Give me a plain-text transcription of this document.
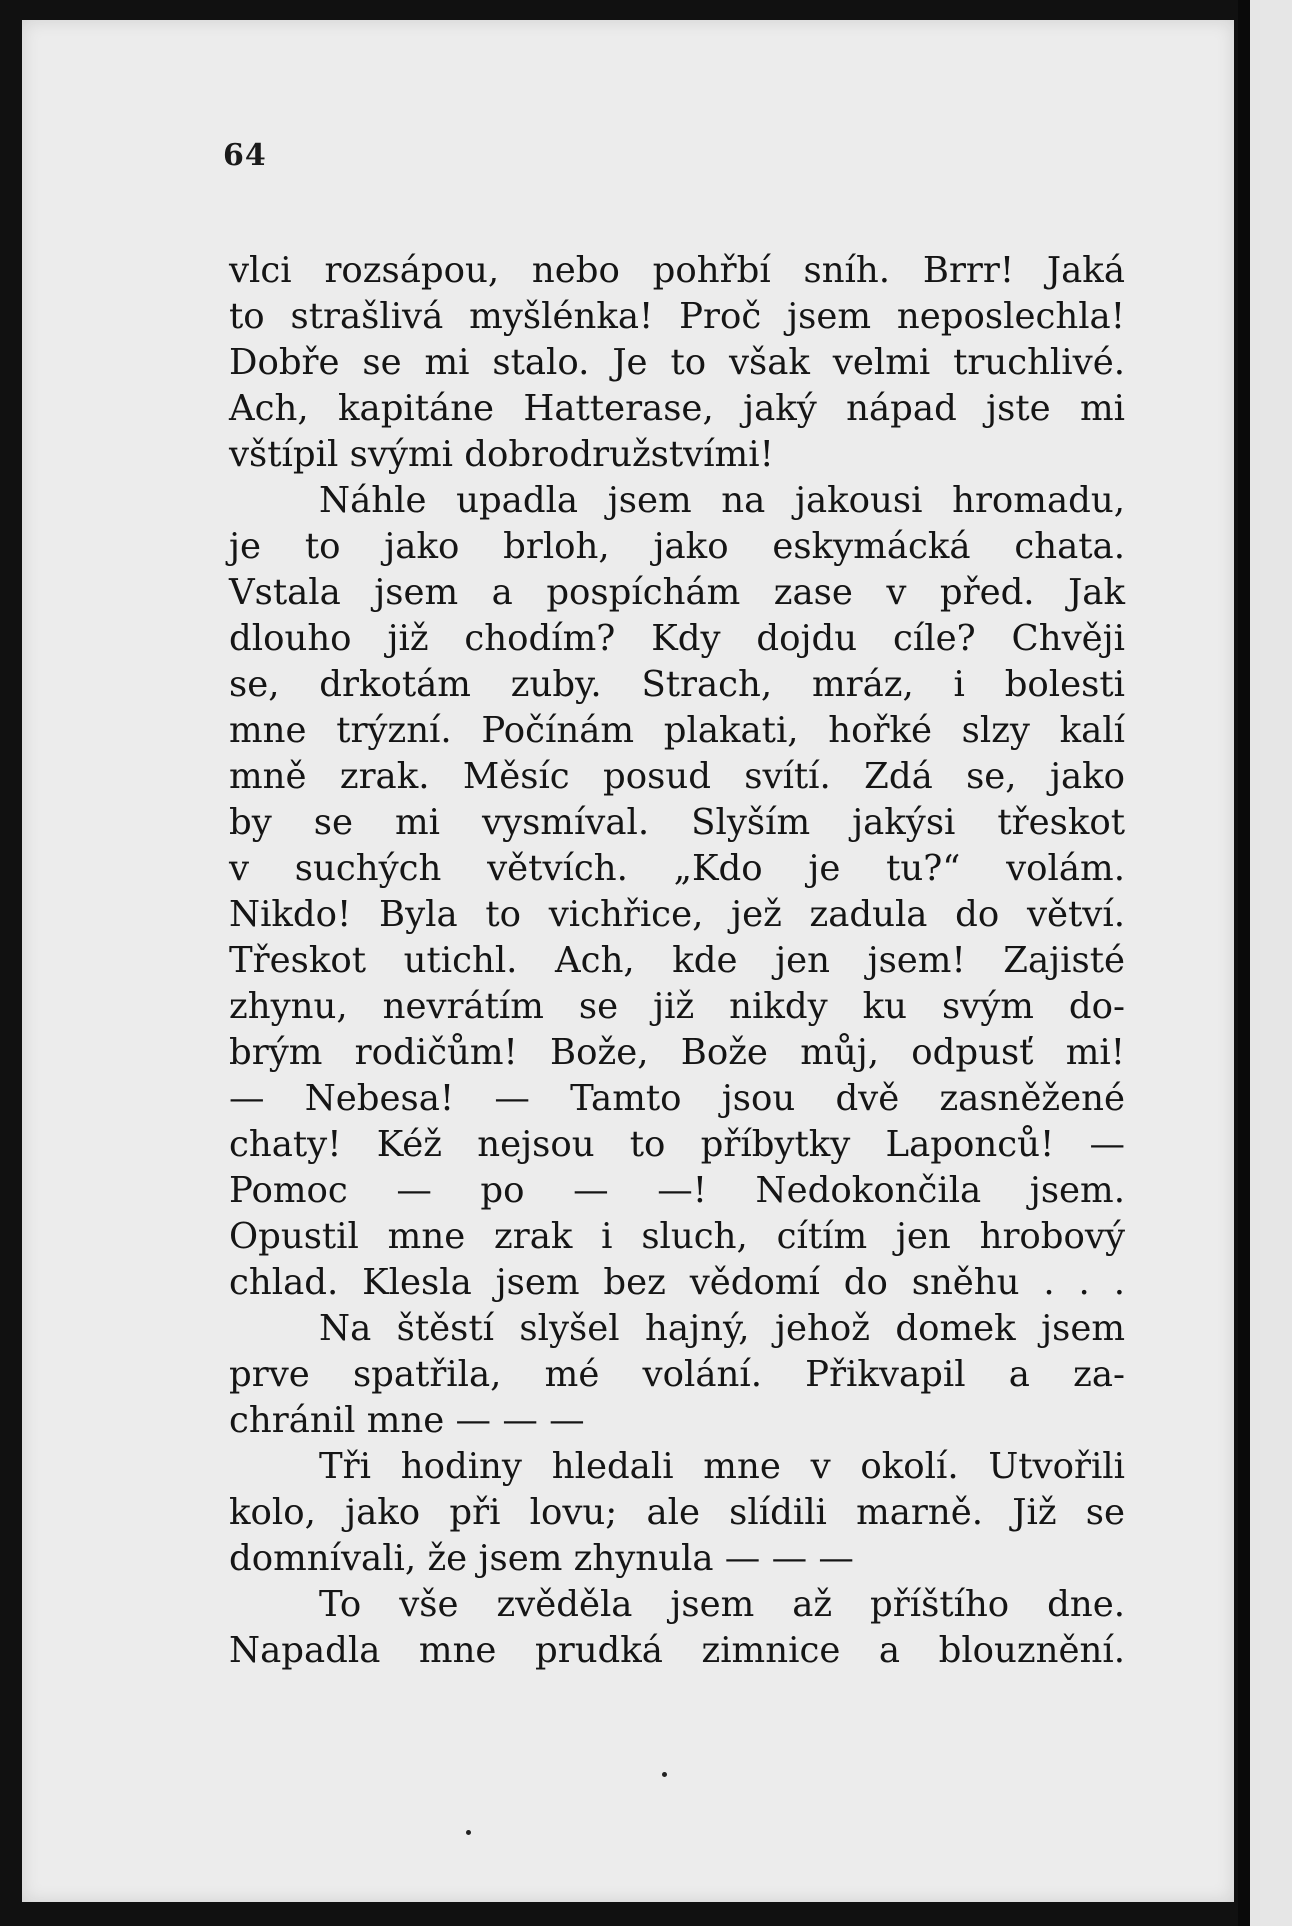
64
vlci rozsápou, nebo pohřbí sníh. Brrr! Jaká
to strašlivá myšlénka! Proč jsem neposlechla!
Dobře se mi stalo. Je to však velmi truchlivé.
Ach, kapitáne Hatterase, jaký nápad jste mi
vštípil svými dobrodružstvími!
Náhle upadla jsem na jakousi hromadu,
je to jako brloh, jako eskymácká chata.
Vstala jsem a pospíchám zase v před. Jak
dlouho již chodím? Kdy dojdu cíle? Chvěji
se, drkotám zuby. Strach, mráz, i bolesti
mne trýzní. Počínám plakati, hořké slzy kalí
mně zrak. Měsíc posud svítí. Zdá se, jako
by se mi vysmíval. Slyším jakýsi třeskot
v suchých větvích. „Kdo je tu?“ volám.
Nikdo! Byla to vichřice, jež zadula do větví.
Třeskot utichl. Ach, kde jen jsem! Zajisté
zhynu, nevrátím se již nikdy ku svým do-
brým rodičům! Bože, Bože můj, odpusť mi!
— Nebesa! — Tamto jsou dvě zasněžené
chaty! Kéž nejsou to příbytky Laponců! —
Pomoc — po — —! Nedokončila jsem.
Opustil mne zrak i sluch, cítím jen hrobový
chlad. Klesla jsem bez vědomí do sněhu . . .
Na štěstí slyšel hajný, jehož domek jsem
prve spatřila, mé volání. Přikvapil a za-
chránil mne — — —
Tři hodiny hledali mne v okolí. Utvořili
kolo, jako při lovu; ale slídili marně. Již se
domnívali, že jsem zhynula — — —
To vše zvěděla jsem až příštího dne.
Napadla mne prudká zimnice a blouznění.
